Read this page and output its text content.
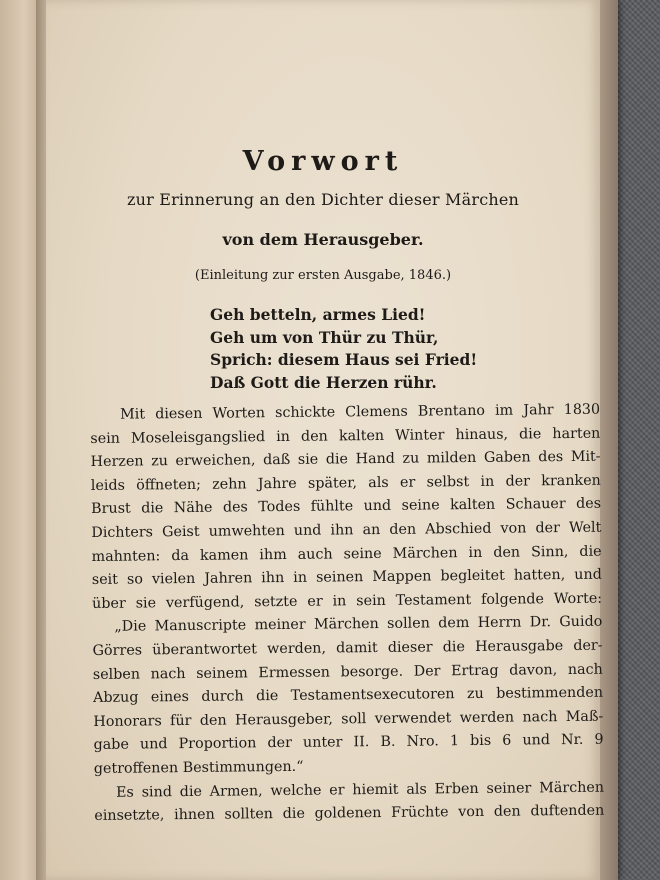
Vorwort
zur Erinnerung an den Dichter dieser Märchen
von dem Herausgeber.
(Einleitung zur ersten Ausgabe, 1846.)
Geh betteln, armes Lied!
Geh um von Thür zu Thür,
Sprich: diesem Haus sei Fried!
Daß Gott die Herzen rühr.
Mit diesen Worten schickte Clemens Brentano im Jahr 1830
sein Moseleisgangslied in den kalten Winter hinaus, die harten
Herzen zu erweichen, daß sie die Hand zu milden Gaben des Mit-
leids öffneten; zehn Jahre später, als er selbst in der kranken
Brust die Nähe des Todes fühlte und seine kalten Schauer des
Dichters Geist umwehten und ihn an den Abschied von der Welt
mahnten: da kamen ihm auch seine Märchen in den Sinn, die
seit so vielen Jahren ihn in seinen Mappen begleitet hatten, und
über sie verfügend, setzte er in sein Testament folgende Worte:
„Die Manuscripte meiner Märchen sollen dem Herrn Dr. Guido
Görres überantwortet werden, damit dieser die Herausgabe der-
selben nach seinem Ermessen besorge. Der Ertrag davon, nach
Abzug eines durch die Testamentsexecutoren zu bestimmenden
Honorars für den Herausgeber, soll verwendet werden nach Maß-
gabe und Proportion der unter II. B. Nro. 1 bis 6 und Nr. 9
getroffenen Bestimmungen.“
Es sind die Armen, welche er hiemit als Erben seiner Märchen
einsetzte, ihnen sollten die goldenen Früchte von den duftenden
